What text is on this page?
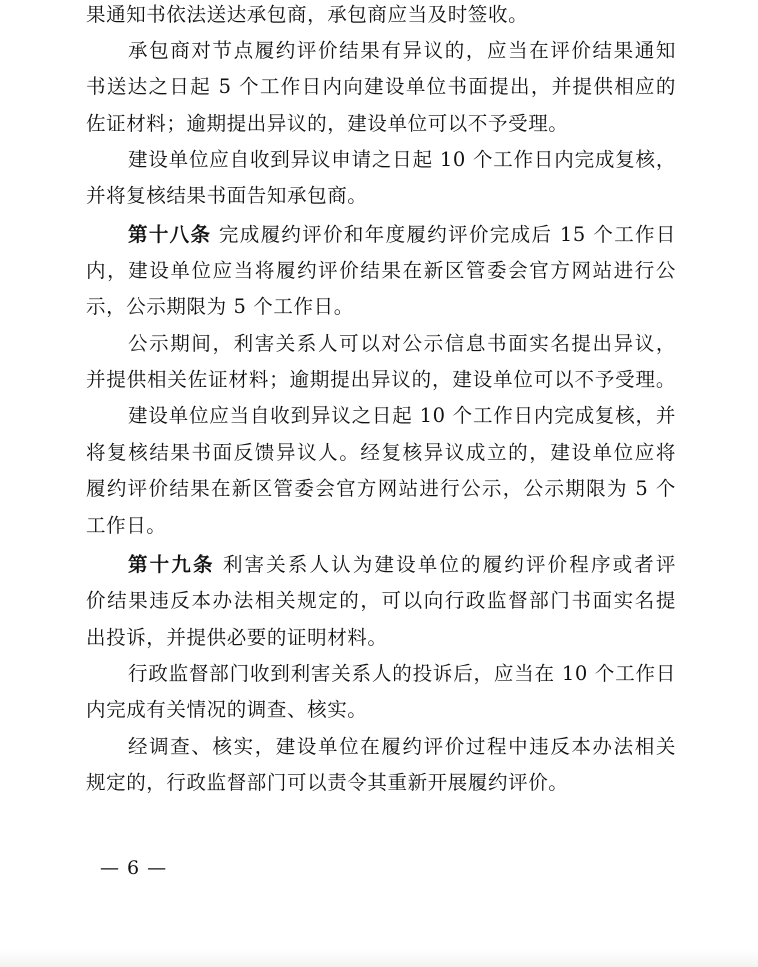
果通知书依法送达承包商，承包商应当及时签收。
承包商对节点履约评价结果有异议的，应当在评价结果通知
书送达之日起 5 个工作日内向建设单位书面提出，并提供相应的
佐证材料；逾期提出异议的，建设单位可以不予受理。
建设单位应自收到异议申请之日起 10 个工作日内完成复核，
并将复核结果书面告知承包商。
第十八条 完成履约评价和年度履约评价完成后 15 个工作日
内，建设单位应当将履约评价结果在新区管委会官方网站进行公
示，公示期限为 5 个工作日。
公示期间，利害关系人可以对公示信息书面实名提出异议，
并提供相关佐证材料；逾期提出异议的，建设单位可以不予受理。
建设单位应当自收到异议之日起 10 个工作日内完成复核，并
将复核结果书面反馈异议人。经复核异议成立的，建设单位应将
履约评价结果在新区管委会官方网站进行公示，公示期限为 5 个
工作日。
第十九条 利害关系人认为建设单位的履约评价程序或者评
价结果违反本办法相关规定的，可以向行政监督部门书面实名提
出投诉，并提供必要的证明材料。
行政监督部门收到利害关系人的投诉后，应当在 10 个工作日
内完成有关情况的调查、核实。
经调查、核实，建设单位在履约评价过程中违反本办法相关
规定的，行政监督部门可以责令其重新开展履约评价。
— 6 —
